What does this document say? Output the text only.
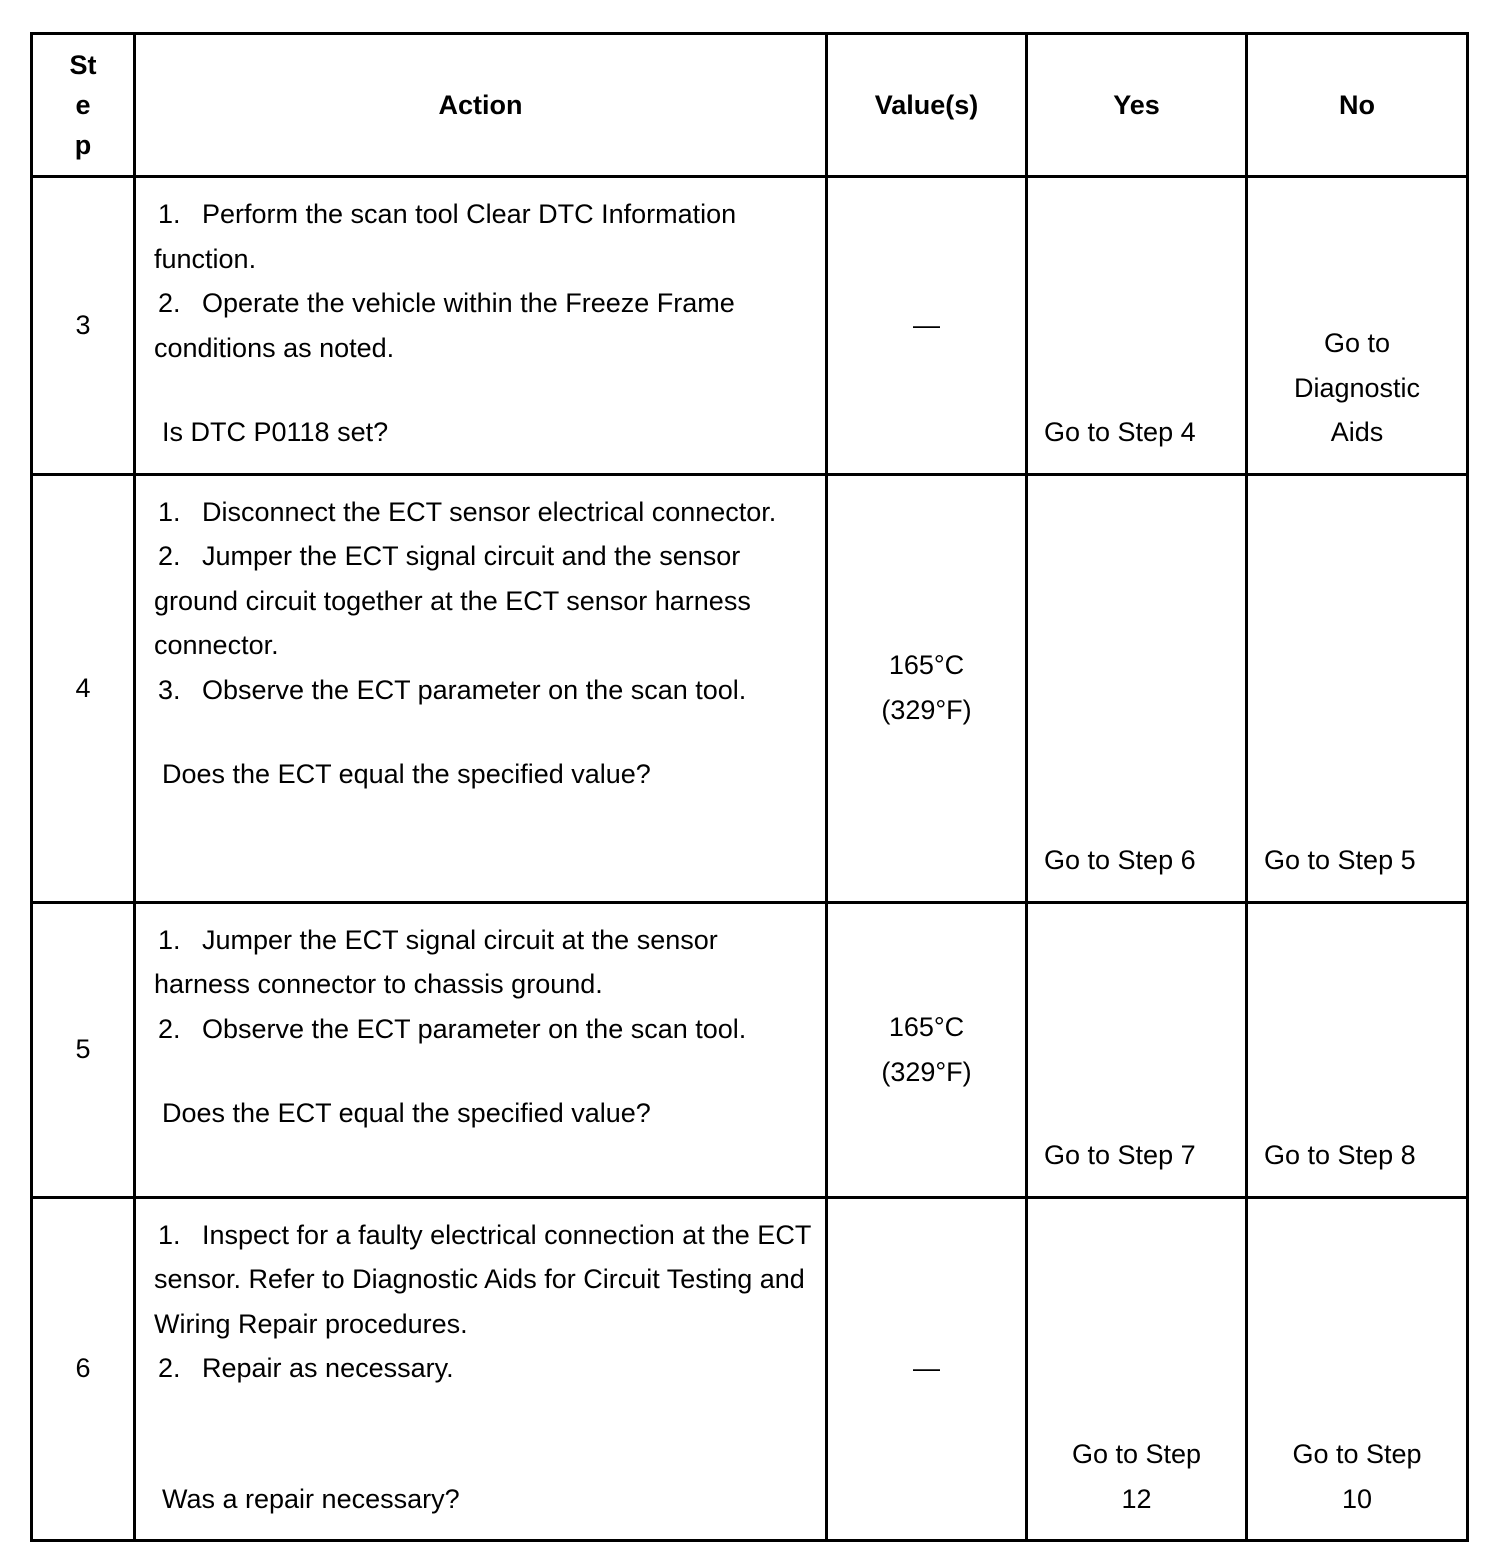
Step	Action	Value(s)	Yes	No
3	1. Perform the scan tool Clear DTC Information function.
2. Operate the vehicle within the Freeze Frame conditions as noted.
Is DTC P0118 set?	—	Go to Step 4	Go to Diagnostic Aids

4	1. Disconnect the ECT sensor electrical connector.
2. Jumper the ECT signal circuit and the sensor ground circuit together at the ECT sensor harness connector.
3. Observe the ECT parameter on the scan tool.
Does the ECT equal the specified value?	165°C (329°F)	Go to Step 6	Go to Step 5
5	1. Jumper the ECT signal circuit at the sensor harness connector to chassis ground.
2. Observe the ECT parameter on the scan tool.
Does the ECT equal the specified value?	165°C (329°F)	Go to Step 7	Go to Step 8
6	1. Inspect for a faulty electrical connection at the ECT sensor. Refer to Diagnostic Aids for Circuit Testing and Wiring Repair procedures.
2. Repair as necessary.
Was a repair necessary?	—	Go to Step 12	Go to Step 10
